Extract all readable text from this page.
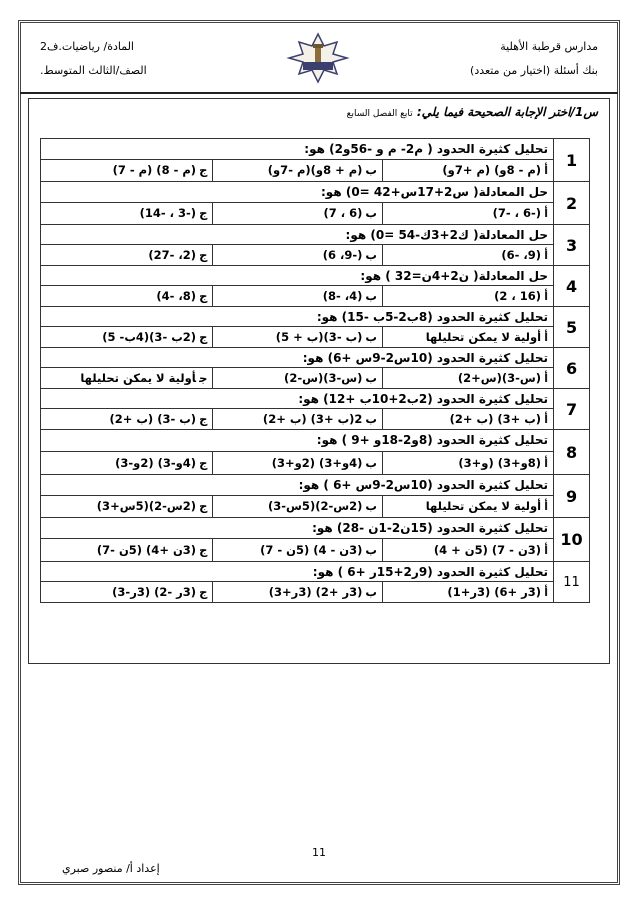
مدارس قرطبة الأهلية
بنك أسئلة (اختيار من متعدد)
المادة/ رياضيات.ف2
الصف/الثالث المتوسط.
س1/اختر الإجابة الصحيحة فيما يلي: تابع الفصل السابع
1	تحليل كثيرة الحدود ( م2- م و -56و2) هو:		
	أ(م - 8و) (م +7و)	ب(م + 8و)(م -7و)	ج(م - 8) (م - 7)
2	حل المعادلة( س2+17س+42 =0) هو:		
	أ(-6 ، -7)	ب(6 ، 7)	ج(-3 ، -14)
3	حل المعادلة( ك2+3ك-54 =0) هو:		
	أ(9، -6)	ب(-9، 6)	ج(2، -27)
4	حل المعادلة( ن2+4ن=32 ) هو:		
	أ(16 ، 2)	ب(4، -8)	ج(8، -4)
5	تحليل كثيرة الحدود (8ب2-5ب -15) هو:		
	أأولية لا يمكن تحليلها	ب(ب -3)(ب + 5)	ج(2ب -3)(4ب- 5)
6	تحليل كثيرة الحدود (10س2-9س +6) هو:		
	أ(س-3)(س+2)	ب(س-3)(س-2)	جأولية لا يمكن تحليلها
7	تحليل كثيرة الحدود (2ب2+10ب +12) هو:		
	أ(ب +3) (ب +2)	ب2(ب +3) (ب +2)	ج(ب -3) (ب +2)
8	تحليل كثيرة الحدود (8و2-18و +9 ) هو:		
	أ(8و+3) (و+3)	ب(4و+3) (2و+3)	ج(4و-3) (2و-3)
9	تحليل كثيرة الحدود (10س2-9س +6 ) هو:		
	أأولية لا يمكن تحليلها	ب(2س-2)(5س-3)	ج(2س-2)(5س+3)
10	تحليل كثيرة الحدود (15ن2-1ن -28) هو:		
	أ(3ن - 7) (5ن + 4)	ب(3ن - 4) (5ن - 7)	ج(3ن +4) (5ن -7)
11	تحليل كثيرة الحدود (9ر2+15ر +6 ) هو:		
	أ(3ر +6) (3ر+1)	ب(3ر +2) (3ر+3)	ج(3ر -2) (3ر-3)
11
إعداد أ/ منصور صبري
